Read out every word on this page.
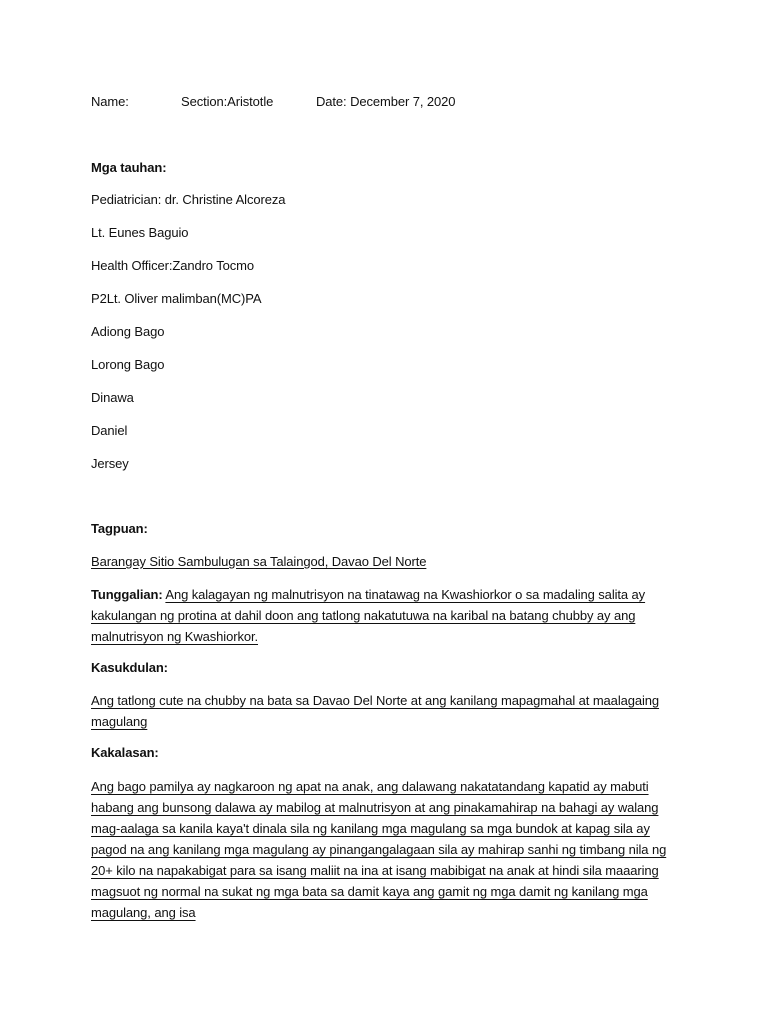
Name:	Section:Aristotle	Date: December 7, 2020
Mga tauhan:
Pediatrician: dr. Christine Alcoreza
Lt. Eunes Baguio
Health Officer:Zandro Tocmo
P2Lt. Oliver malimban(MC)PA
Adiong Bago
Lorong Bago
Dinawa
Daniel
Jersey
Tagpuan:
Barangay Sitio Sambulugan sa Talaingod, Davao Del Norte
Tunggalian: Ang kalagayan ng malnutrisyon na tinatawag na Kwashiorkor o sa madaling salita ay kakulangan ng protina at dahil doon ang tatlong nakatutuwa na karibal na batang chubby ay ang malnutrisyon ng Kwashiorkor.
Kasukdulan:
Ang tatlong cute na chubby na bata sa Davao Del Norte at ang kanilang mapagmahal at maalagaing magulang
Kakalasan:
Ang bago pamilya ay nagkaroon ng apat na anak, ang dalawang nakatatandang kapatid ay mabuti habang ang bunsong dalawa ay mabilog at malnutrisyon at ang pinakamahirap na bahagi ay walang mag-aalaga sa kanila kaya't dinala sila ng kanilang mga magulang sa mga bundok at kapag sila ay pagod na ang kanilang mga magulang ay pinangangalagaan sila ay mahirap sanhi ng timbang nila ng 20+ kilo na napakabigat para sa isang maliit na ina at isang mabibigat na anak at hindi sila maaaring magsuot ng normal na sukat ng mga bata sa damit kaya ang gamit ng mga damit ng kanilang mga magulang, ang isa
